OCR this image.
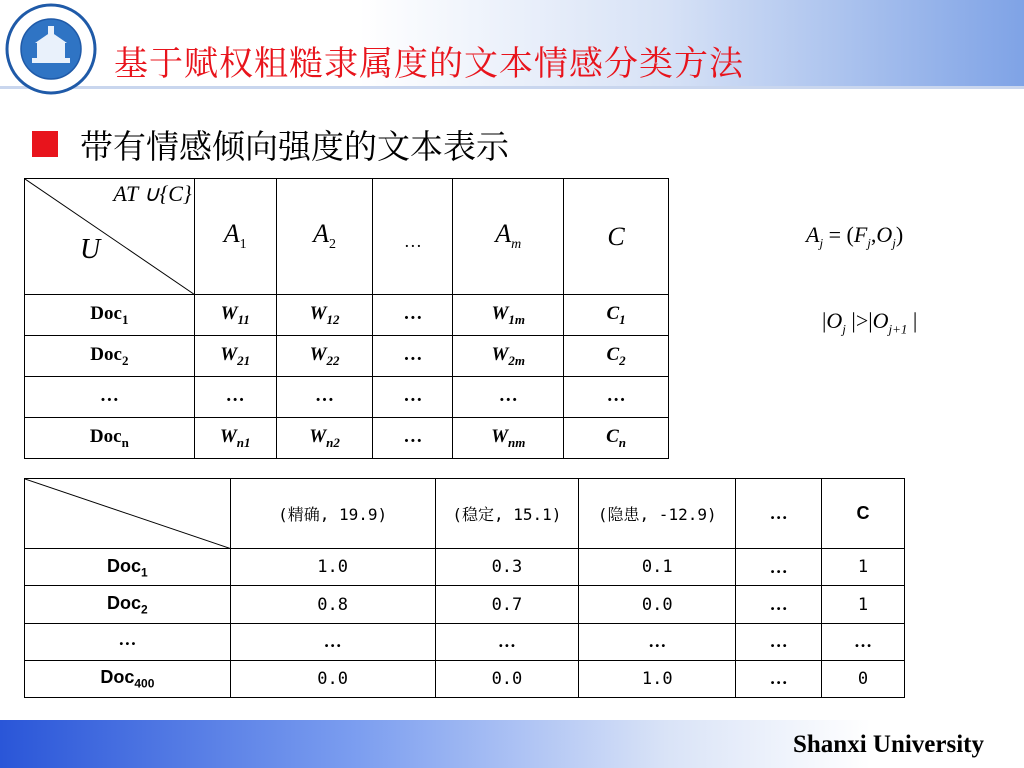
基于赋权粗糙隶属度的文本情感分类方法
带有情感倾向强度的文本表示
AT ∪{C}
U	$A_1$	$A_2$	…	$A_m$	C
Doc$_1$	$W_{11}$	$W_{12}$	…	$W_{1m}$	$C_1$
Doc$_2$	$W_{21}$	$W_{22}$	…	$W_{2m}$	$C_2$
…	…	…	…	…	…
Doc$_n$	$W_{n1}$	$W_{n2}$	…	$W_{nm}$	$C_n$
$A_j = (F_j,O_j)$
$|O_j$ $|>|O_{j+1}$ |
	(精确, 19.9)	(稳定, 15.1)	(隐患, -12.9)	…	C
Doc$_1$	1.0	0.3	0.1	…	1
Doc$_2$	0.8	0.7	0.0	…	1
…	…	…	…	…	…
Doc$_{400}$	0.0	0.0	1.0	…	0
Shanxi University
